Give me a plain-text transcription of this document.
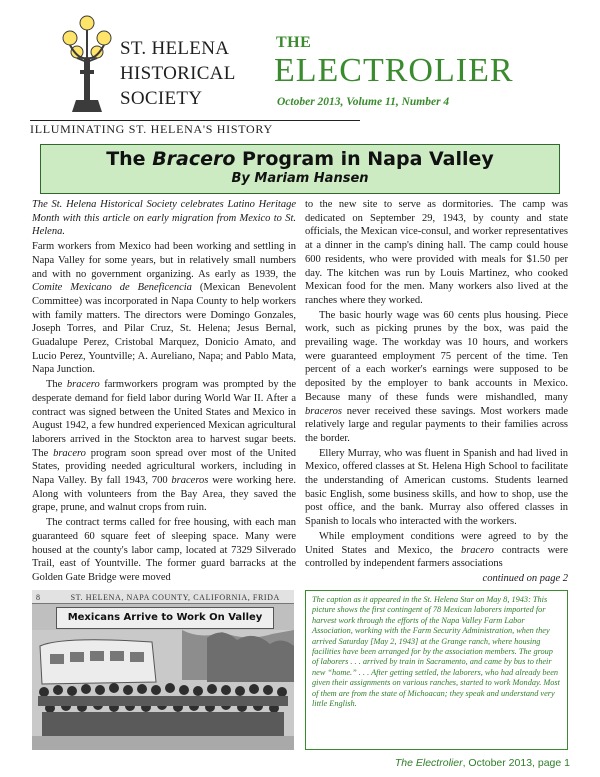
ST. HELENA
HISTORICAL
SOCIETY
ILLUMINATING ST. HELENA'S HISTORY
THE
ELECTROLIER
October 2013, Volume 11, Number 4
The Bracero Program in Napa Valley
By Mariam Hansen

The St. Helena Historical Society celebrates Latino Heritage Month with this article on early migration from Mexico to St. Helena.

Farm workers from Mexico had been working and settling in Napa Valley for some years, but in relatively small numbers and with no government organizing. As early as 1939, the Comite Mexicano de Beneficencia (Mexican Benevolent Committee) was incorporated in Napa County to help workers with family matters. The directors were Domingo Gonzales, Joseph Torres, and Pilar Cruz, St. Helena; Jesus Bernal, Guadalupe Perez, Cristobal Marquez, Donicio Amato, and Lucio Perez, Yountville; A. Aureliano, Napa; and Pablo Mata, Napa Junction.

The bracero farmworkers program was prompted by the desperate demand for field labor during World War II. After a contract was signed between the United States and Mexico in August 1942, a few hundred experienced Mexican agricultural laborers arrived in the Stockton area to harvest sugar beets. The bracero program soon spread over most of the United States, providing needed agricultural workers, including in Napa Valley. By fall 1943, 700 braceros were working here. Along with volunteers from the Bay Area, they saved the grape, prune, and walnut crops from ruin.

The contract terms called for free housing, with each man guaranteed 60 square feet of sleeping space. Many were housed at the county's labor camp, located at 7329 Silverado Trail, east of Yountville. The former guard barracks at the Golden Gate Bridge were moved

to the new site to serve as dormitories. The camp was dedicated on September 29, 1943, by county and state officials, the Mexican vice-consul, and worker representatives at a dinner in the camp's dining hall. The camp could house 600 residents, who were provided with meals for $1.50 per day. The kitchen was run by Louis Martinez, who cooked Mexican food for the men. Many workers also lived at the ranches where they worked.

The basic hourly wage was 60 cents plus housing. Piece work, such as picking prunes by the box, was paid the prevailing wage. The workday was 10 hours, and workers were guaranteed employment 75 percent of the time. Ten percent of a each worker's earnings were supposed to be deposited by the employer to bank accounts in Mexico. Because many of these funds were mishandled, many braceros never received these savings. Most workers made relatively large and regular payments to their families across the border.

Ellery Murray, who was fluent in Spanish and had lived in Mexico, offered classes at St. Helena High School to facilitate the understanding of American customs. Students learned basic English, some business skills, and how to shop, use the post office, and the bank. Murray also offered classes in Spanish to locals who interacted with the workers.

While employment conditions were agreed to by the United States and Mexico, the bracero contracts were controlled by independent farmers associations

continued on page 2

8	ST. HELENA, NAPA COUNTY, CALIFORNIA, FRIDA
Mexicans Arrive to Work On Valley

The caption as it appeared in the St. Helena Star on May 8, 1943: This picture shows the first contingent of 78 Mexican laborers imported for harvest work through the efforts of the Napa Valley Farm Labor Association, working with the Farm Security Administration, when they arrived Saturday [May 2, 1943] at the Grange ranch, where housing facilities have been arranged for by the association members. The group of laborers . . . arrived by train in Sacramento, and came by bus to their new “home.” . . . After getting settled, the laborers, who had already been given their assignments on various ranches, started to work Monday. Most of them are from the state of Michoacan; they speak and understand very little English.

The Electrolier, October 2013, page 1
